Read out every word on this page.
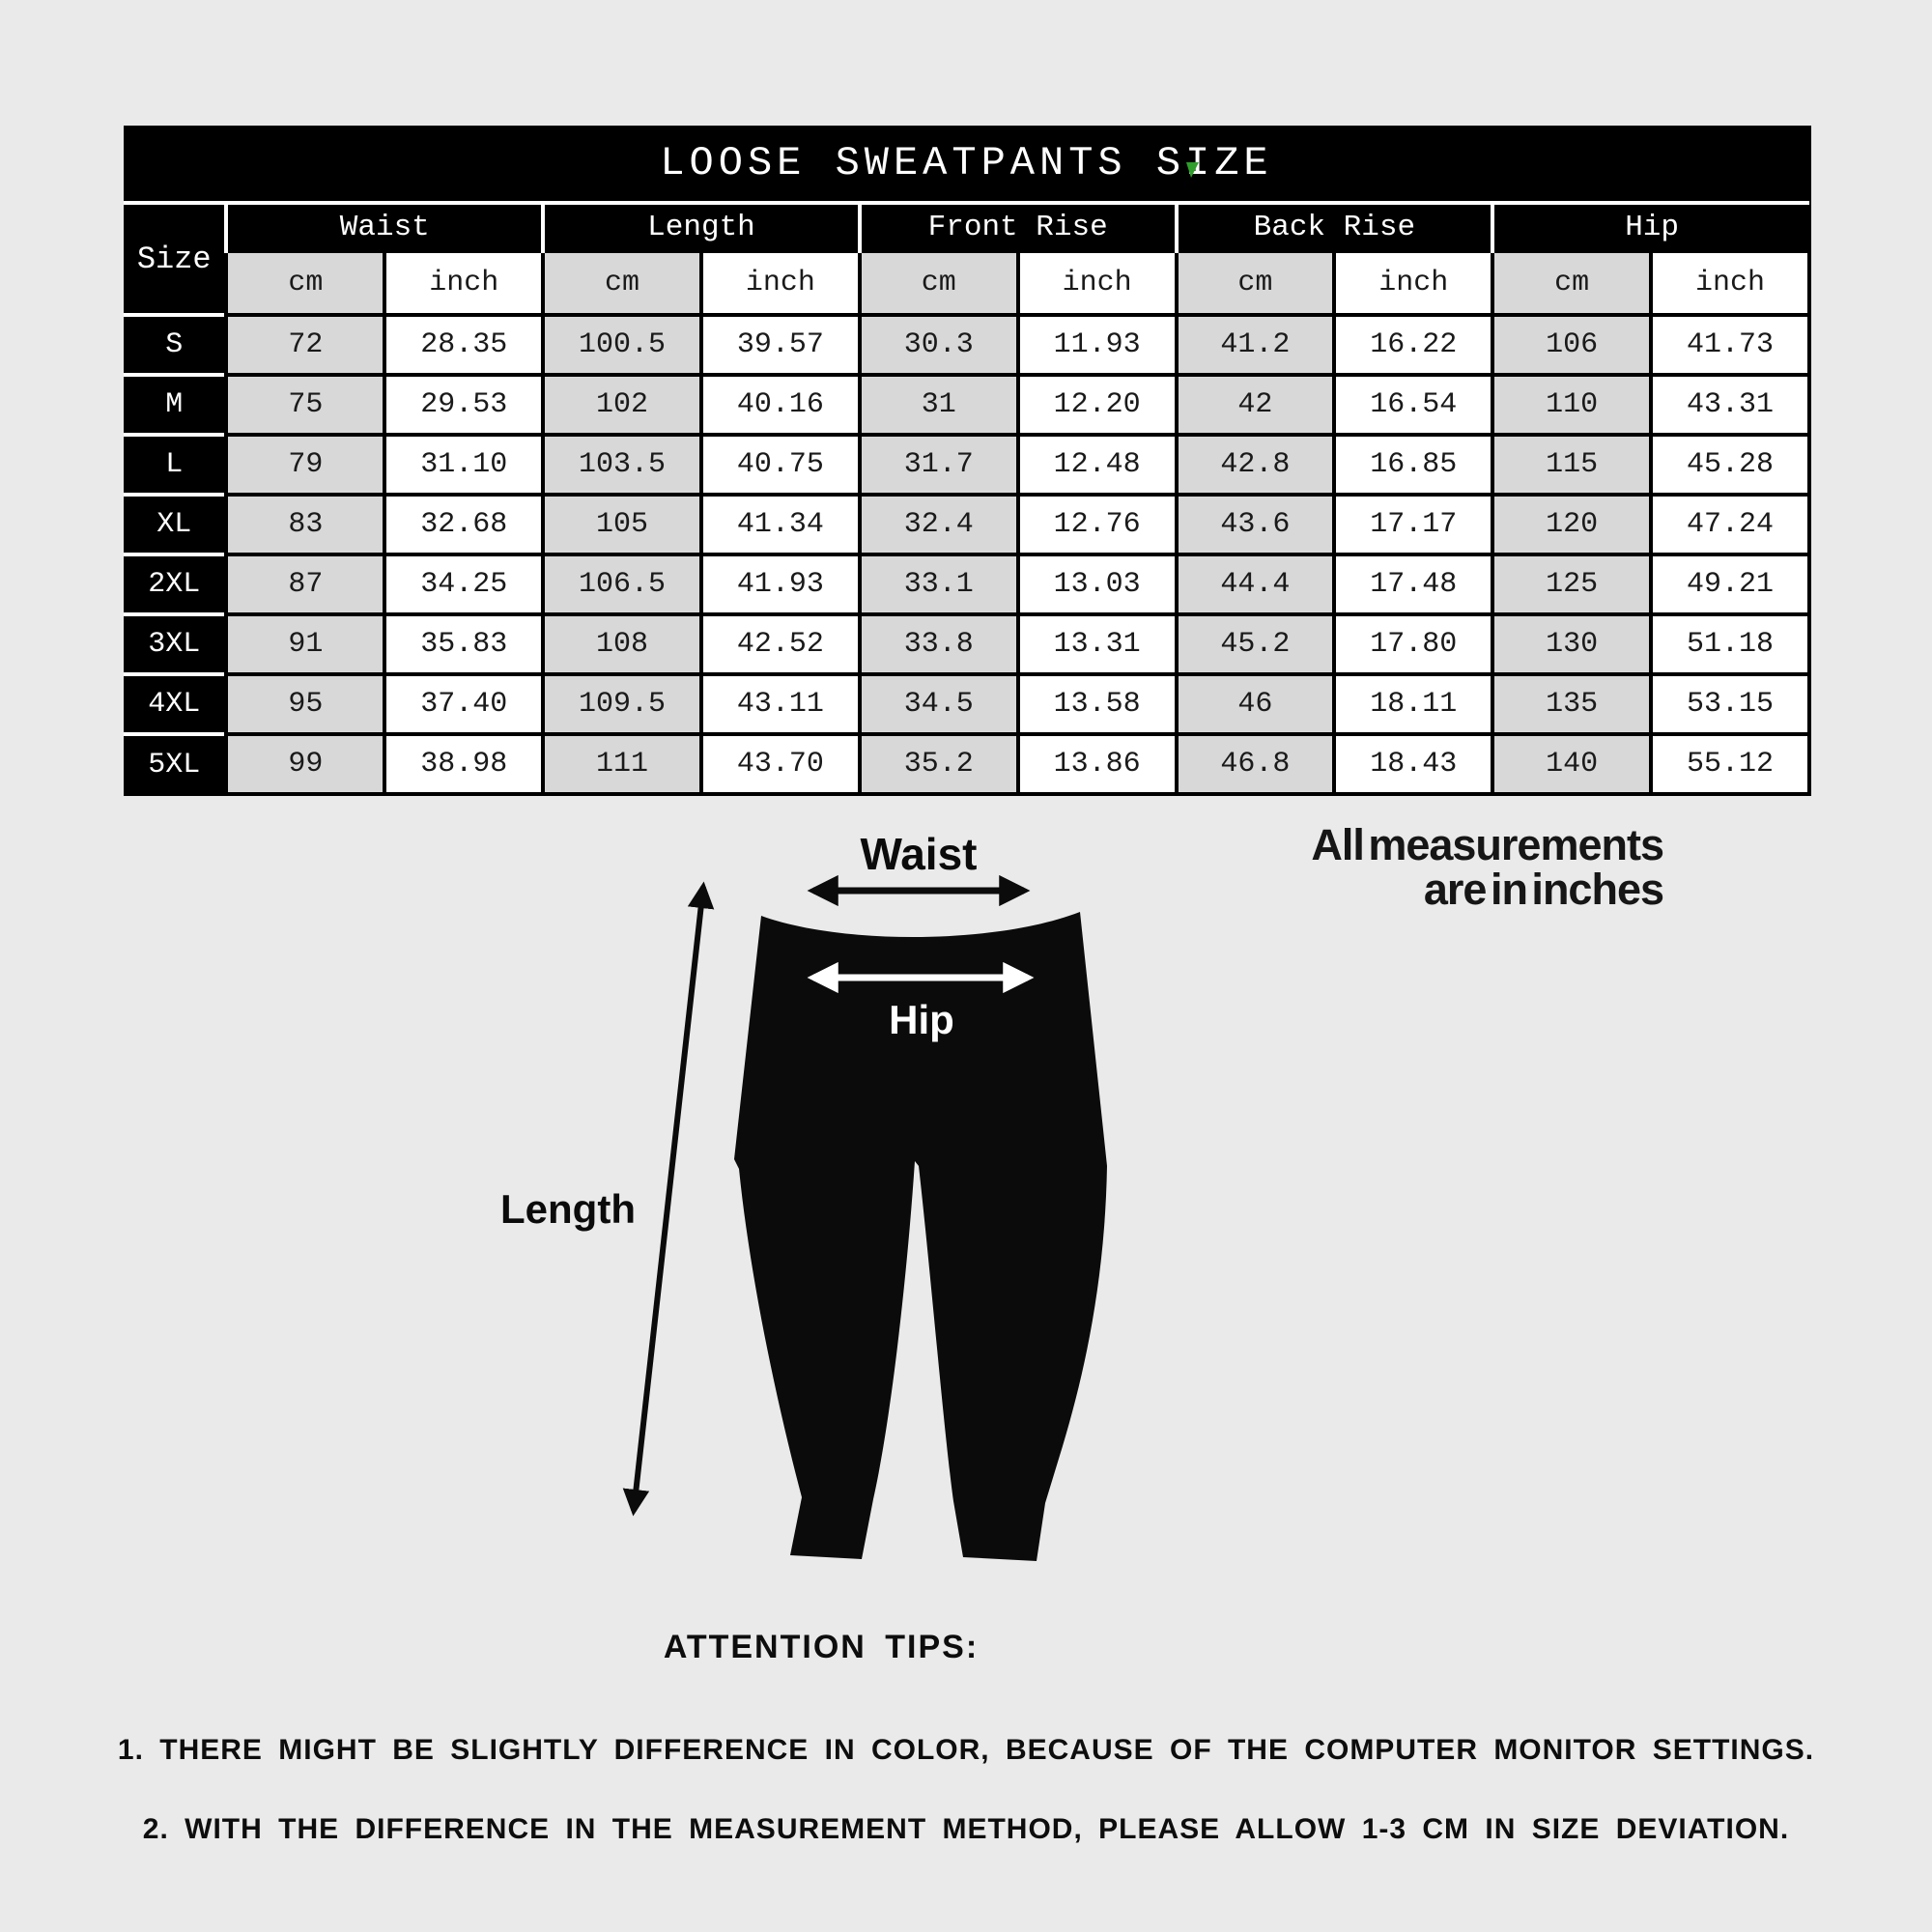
LOOSE SWEATPANTS SIZE										
Size	Waist		Length		Front Rise		Back Rise		Hip	
	cm	inch	cm	inch	cm	inch	cm	inch	cm	inch
S	72	28.35	100.5	39.57	30.3	11.93	41.2	16.22	106	41.73
M	75	29.53	102	40.16	31	12.20	42	16.54	110	43.31
L	79	31.10	103.5	40.75	31.7	12.48	42.8	16.85	115	45.28
XL	83	32.68	105	41.34	32.4	12.76	43.6	17.17	120	47.24
2XL	87	34.25	106.5	41.93	33.1	13.03	44.4	17.48	125	49.21
3XL	91	35.83	108	42.52	33.8	13.31	45.2	17.80	130	51.18
4XL	95	37.40	109.5	43.11	34.5	13.58	46	18.11	135	53.15
5XL	99	38.98	111	43.70	35.2	13.86	46.8	18.43	140	55.12
Waist
Hip
Length
All measurements
are in inches
ATTENTION TIPS:
1. THERE MIGHT BE SLIGHTLY DIFFERENCE IN COLOR, BECAUSE OF THE COMPUTER MONITOR SETTINGS.
2. WITH THE DIFFERENCE IN THE MEASUREMENT METHOD, PLEASE ALLOW 1-3 CM IN SIZE DEVIATION.
